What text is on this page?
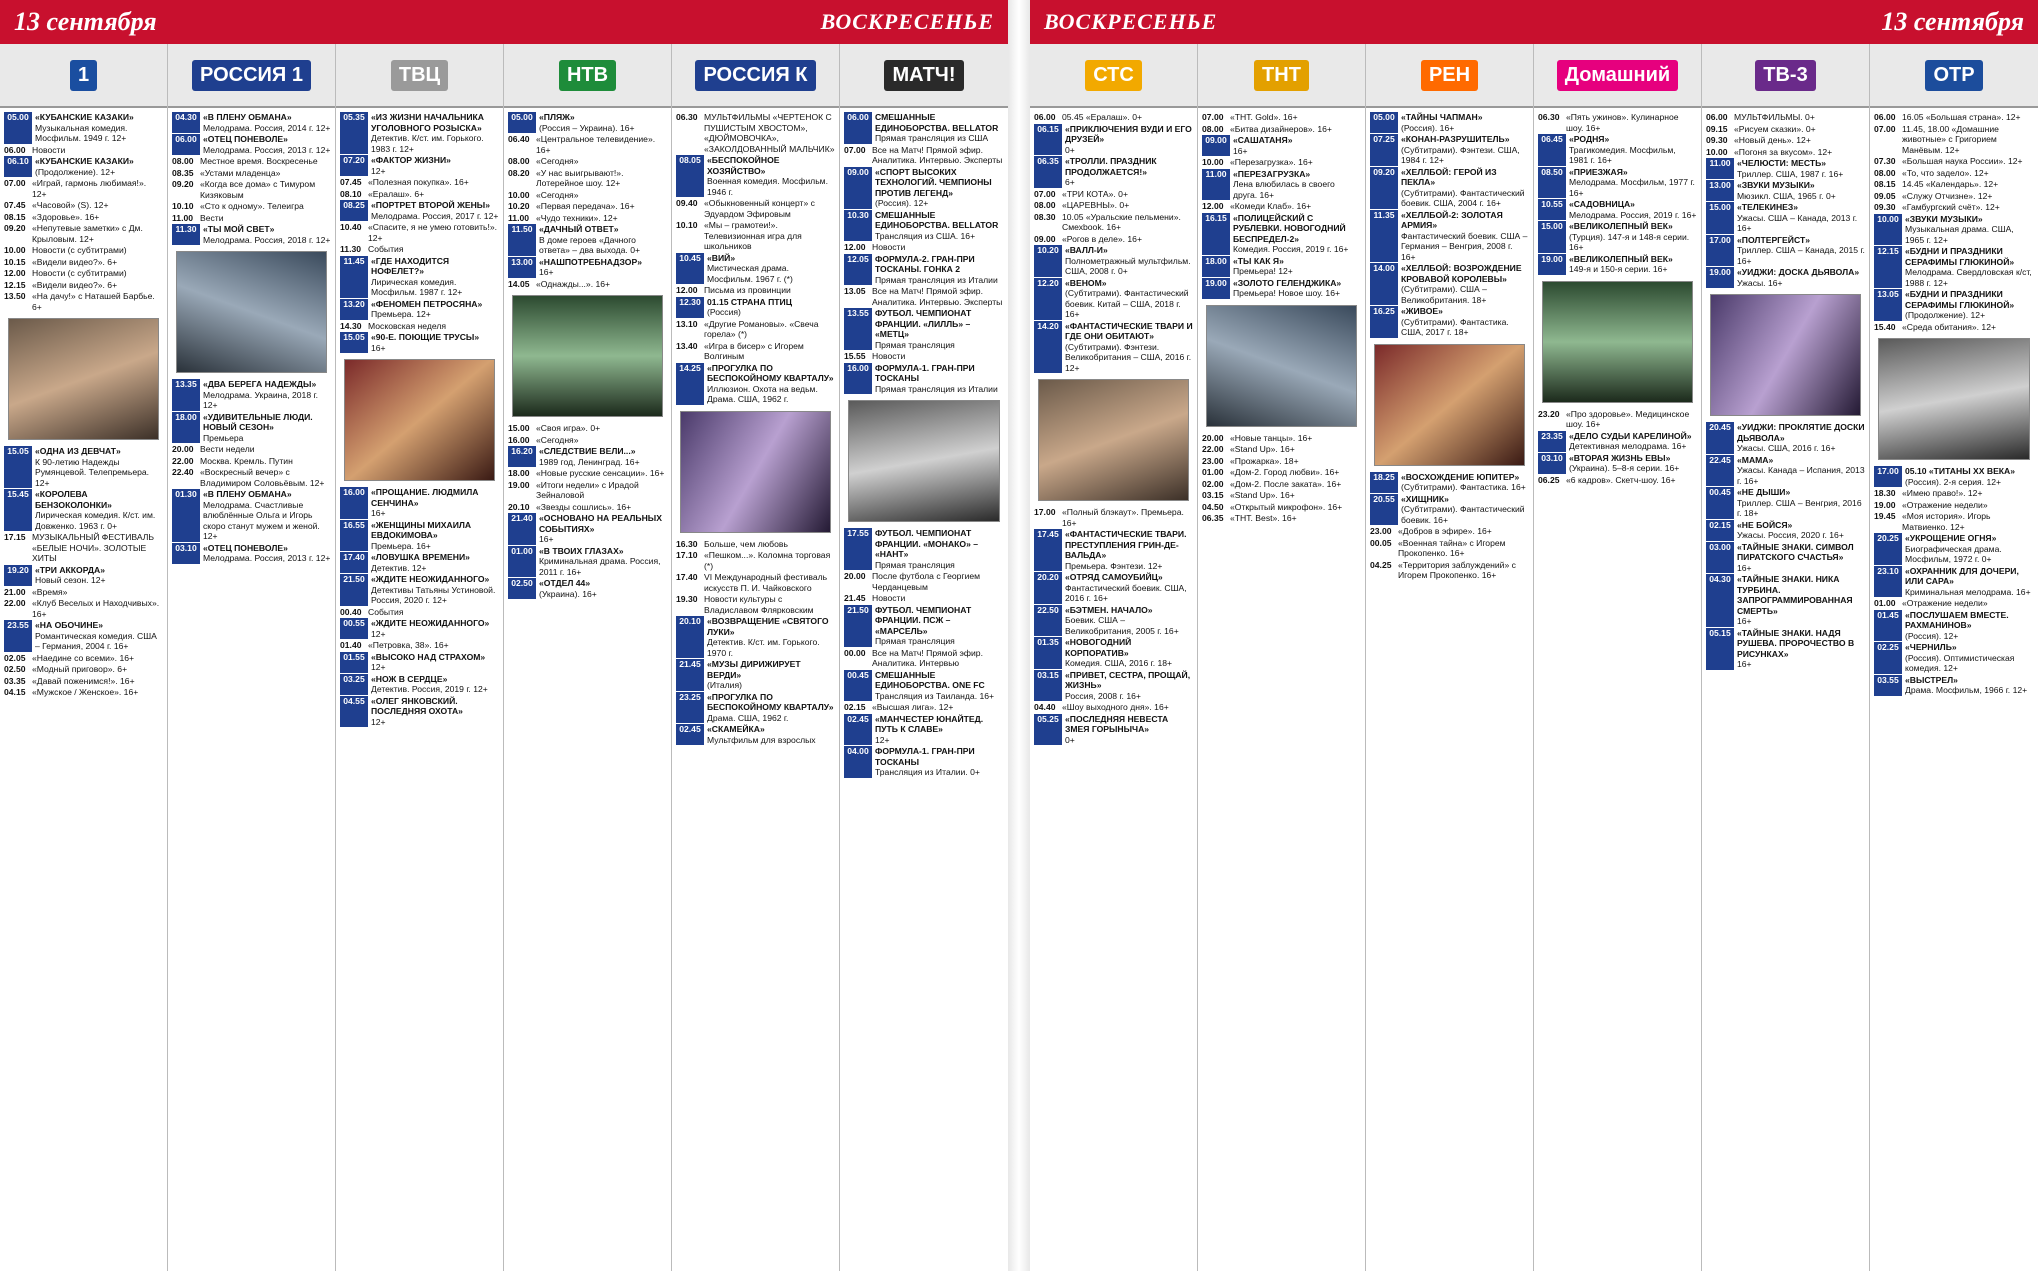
13 сентября	ВОСКРЕСЕНЬЕ
1
05.00 «КУБАНСКИЕ КАЗАКИ»
Музыкальная комедия. Мосфильм. 1949 г. 12+
06.00 Новости
06.10 «КУБАНСКИЕ КАЗАКИ»
(Продолжение). 12+
07.00 «Играй, гармонь любимая!». 12+
07.45 «Часовой» (S). 12+
08.15 «Здоровье». 16+
09.20 «Непутевые заметки» с Дм. Крыловым. 12+
10.00 Новости (с субтитрами)
10.15 «Видели видео?». 6+
12.00 Новости (с субтитрами)
12.15 «Видели видео?». 6+
13.50 «На дачу!» с Наташей Барбье. 6+
15.05 «ОДНА ИЗ ДЕВЧАТ»
К 90-летию Надежды Румянцевой. Телепремьера. 12+
15.45 «КОРОЛЕВА БЕНЗОКОЛОНКИ»
Лирическая комедия. К/ст. им. Довженко. 1963 г. 0+
17.15 МУЗЫКАЛЬНЫЙ ФЕСТИВАЛЬ «БЕЛЫЕ НОЧИ». ЗОЛОТЫЕ ХИТЫ
19.20 «ТРИ АККОРДА»
Новый сезон. 12+
21.00 «Время»
22.00 «Клуб Веселых и Находчивых». 16+
23.55 «НА ОБОЧИНЕ»
Романтическая комедия. США – Германия, 2004 г. 16+
02.05 «Наедине со всеми». 16+
02.50 «Модный приговор». 6+
03.35 «Давай поженимся!». 16+
04.15 «Мужское / Женское». 16+
РОССИЯ 1
04.30 «В ПЛЕНУ ОБМАНА»
Мелодрама. Россия, 2014 г. 12+
06.00 «ОТЕЦ ПОНЕВОЛЕ»
Мелодрама. Россия, 2013 г. 12+
08.00 Местное время. Воскресенье
08.35 «Устами младенца»
09.20 «Когда все дома» с Тимуром Кизяковым
10.10 «Сто к одному». Телеигра
11.00 Вести
11.30 «ТЫ МОЙ СВЕТ»
Мелодрама. Россия, 2018 г. 12+
13.35 «ДВА БЕРЕГА НАДЕЖДЫ»
Мелодрама. Украина, 2018 г. 12+
18.00 «УДИВИТЕЛЬНЫЕ ЛЮДИ. НОВЫЙ СЕЗОН»
Премьера
20.00 Вести недели
22.00 Москва. Кремль. Путин
22.40 «Воскресный вечер» с Владимиром Соловьёвым. 12+
01.30 «В ПЛЕНУ ОБМАНА»
Мелодрама. Счастливые влюблённые Ольга и Игорь скоро станут мужем и женой. 12+
03.10 «ОТЕЦ ПОНЕВОЛЕ»
Мелодрама. Россия, 2013 г. 12+
ТВЦ
05.35 «ИЗ ЖИЗНИ НАЧАЛЬНИКА УГОЛОВНОГО РОЗЫСКА»
Детектив. К/ст. им. Горького. 1983 г. 12+
07.20 «ФАКТОР ЖИЗНИ»
12+
07.45 «Полезная покупка». 16+
08.10 «Ералаш». 6+
08.25 «ПОРТРЕТ ВТОРОЙ ЖЕНЫ»
Мелодрама. Россия, 2017 г. 12+
10.40 «Спасите, я не умею готовить!». 12+
11.30 События
11.45 «ГДЕ НАХОДИТСЯ НОФЕЛЕТ?»
Лирическая комедия. Мосфильм. 1987 г. 12+
13.20 «ФЕНОМЕН ПЕТРОСЯНА»
Премьера. 12+
14.30 Московская неделя
15.05 «90-Е. ПОЮЩИЕ ТРУСЫ»
16+
16.00 «ПРОЩАНИЕ. ЛЮДМИЛА СЕНЧИНА»
16+
16.55 «ЖЕНЩИНЫ МИХАИЛА ЕВДОКИМОВА»
Премьера. 16+
17.40 «ЛОВУШКА ВРЕМЕНИ»
Детектив. 12+
21.50 «ЖДИТЕ НЕОЖИДАННОГО»
Детективы Татьяны Устиновой. Россия, 2020 г. 12+
00.40 События
00.55 «ЖДИТЕ НЕОЖИДАННОГО»
12+
01.40 «Петровка, 38». 16+
01.55 «ВЫСОКО НАД СТРАХОМ»
12+
03.25 «НОЖ В СЕРДЦЕ»
Детектив. Россия, 2019 г. 12+
04.55 «ОЛЕГ ЯНКОВСКИЙ. ПОСЛЕДНЯЯ ОХОТА»
12+
НТВ
05.00 «ПЛЯЖ»
(Россия – Украина). 16+
06.40 «Центральное телевидение». 16+
08.00 «Сегодня»
08.20 «У нас выигрывают!». Лотерейное шоу. 12+
10.00 «Сегодня»
10.20 «Первая передача». 16+
11.00 «Чудо техники». 12+
11.50 «ДАЧНЫЙ ОТВЕТ»
В доме героев «Дачного ответа» – два выхода. 0+
13.00 «НАШПОТРЕБНАДЗОР»
16+
14.05 «Однажды...». 16+
15.00 «Своя игра». 0+
16.00 «Сегодня»
16.20 «СЛЕДСТВИЕ ВЕЛИ...»
1989 год, Ленинград. 16+
18.00 «Новые русские сенсации». 16+
19.00 «Итоги недели» с Ирадой Зейналовой
20.10 «Звезды сошлись». 16+
21.40 «ОСНОВАНО НА РЕАЛЬНЫХ СОБЫТИЯХ»
16+
01.00 «В ТВОИХ ГЛАЗАХ»
Криминальная драма. Россия, 2011 г. 16+
02.50 «ОТДЕЛ 44»
(Украина). 16+
РОССИЯ К
06.30 МУЛЬТФИЛЬМЫ «ЧЕРТЕНОК С ПУШИСТЫМ ХВОСТОМ», «ДЮЙМОВОЧКА», «ЗАКОЛДОВАННЫЙ МАЛЬЧИК»
08.05 «БЕСПОКОЙНОЕ ХОЗЯЙСТВО»
Военная комедия. Мосфильм. 1946 г.
09.40 «Обыкновенный концерт» с Эдуардом Эфировым
10.10 «Мы – грамотеи!». Телевизионная игра для школьников
10.45 «ВИЙ»
Мистическая драма. Мосфильм. 1967 г. (*)
12.00 Письма из провинции
12.30 01.15 СТРАНА ПТИЦ
(Россия)
13.10 «Другие Романовы». «Свеча горела» (*)
13.40 «Игра в бисер» с Игорем Волгиным
14.25 «ПРОГУЛКА ПО БЕСПОКОЙНОМУ КВАРТАЛУ»
Иллюзион. Охота на ведьм. Драма. США, 1962 г.
16.30 Больше, чем любовь
17.10 «Пешком...». Коломна торговая (*)
17.40 VI Международный фестиваль искусств П. И. Чайковского
19.30 Новости культуры с Владиславом Флярковским
20.10 «ВОЗВРАЩЕНИЕ «СВЯТОГО ЛУКИ»
Детектив. К/ст. им. Горького. 1970 г.
21.45 «МУЗЫ ДИРИЖИРУЕТ ВЕРДИ»
(Италия)
23.25 «ПРОГУЛКА ПО БЕСПОКОЙНОМУ КВАРТАЛУ»
Драма. США, 1962 г.
02.45 «СКАМЕЙКА»
Мультфильм для взрослых
МАТЧ!
06.00 СМЕШАННЫЕ ЕДИНОБОРСТВА. BELLATOR
Прямая трансляция из США
07.00 Все на Матч! Прямой эфир. Аналитика. Интервью. Эксперты
09.00 «СПОРТ ВЫСОКИХ ТЕХНОЛОГИЙ. ЧЕМПИОНЫ ПРОТИВ ЛЕГЕНД»
(Россия). 12+
10.30 СМЕШАННЫЕ ЕДИНОБОРСТВА. BELLATOR
Трансляция из США. 16+
12.00 Новости
12.05 ФОРМУЛА-2. ГРАН-ПРИ ТОСКАНЫ. ГОНКА 2
Прямая трансляция из Италии
13.05 Все на Матч! Прямой эфир. Аналитика. Интервью. Эксперты
13.55 ФУТБОЛ. ЧЕМПИОНАТ ФРАНЦИИ. «ЛИЛЛЬ» – «МЕТЦ»
Прямая трансляция
15.55 Новости
16.00 ФОРМУЛА-1. ГРАН-ПРИ ТОСКАНЫ
Прямая трансляция из Италии
17.55 ФУТБОЛ. ЧЕМПИОНАТ ФРАНЦИИ. «МОНАКО» – «НАНТ»
Прямая трансляция
20.00 После футбола с Георгием Черданцевым
21.45 Новости
21.50 ФУТБОЛ. ЧЕМПИОНАТ ФРАНЦИИ. ПСЖ – «МАРСЕЛЬ»
Прямая трансляция
00.00 Все на Матч! Прямой эфир. Аналитика. Интервью
00.45 СМЕШАННЫЕ ЕДИНОБОРСТВА. ONE FC
Трансляция из Таиланда. 16+
02.15 «Высшая лига». 12+
02.45 «МАНЧЕСТЕР ЮНАЙТЕД. ПУТЬ К СЛАВЕ»
12+
04.00 ФОРМУЛА-1. ГРАН-ПРИ ТОСКАНЫ
Трансляция из Италии. 0+
ВОСКРЕСЕНЬЕ	13 сентября
СТС
06.00 05.45 «Ералаш». 0+
06.15 «ПРИКЛЮЧЕНИЯ ВУДИ И ЕГО ДРУЗЕЙ»
0+
06.35 «ТРОЛЛИ. ПРАЗДНИК ПРОДОЛЖАЕТСЯ!»
6+
07.00 «ТРИ КОТА». 0+
08.00 «ЦАРЕВНЫ». 0+
08.30 10.05 «Уральские пельмени». Смехbook. 16+
09.00 «Рогов в деле». 16+
10.20 «ВАЛЛ-И»
Полнометражный мультфильм. США, 2008 г. 0+
12.20 «ВЕНОМ»
(Субтитрами). Фантастический боевик. Китай – США, 2018 г. 16+
14.20 «ФАНТАСТИЧЕСКИЕ ТВАРИ И ГДЕ ОНИ ОБИТАЮТ»
(Субтитрами). Фэнтези. Великобритания – США, 2016 г. 12+
17.00 «Полный блэкаут». Премьера. 16+
17.45 «ФАНТАСТИЧЕСКИЕ ТВАРИ. ПРЕСТУПЛЕНИЯ ГРИН-ДЕ-ВАЛЬДА»
Премьера. Фэнтези. 12+
20.20 «ОТРЯД САМОУБИЙЦ»
Фантастический боевик. США, 2016 г. 16+
22.50 «БЭТМЕН. НАЧАЛО»
Боевик. США – Великобритания, 2005 г. 16+
01.35 «НОВОГОДНИЙ КОРПОРАТИВ»
Комедия. США, 2016 г. 18+
03.15 «ПРИВЕТ, СЕСТРА, ПРОЩАЙ, ЖИЗНЬ»
Россия, 2008 г. 16+
04.40 «Шоу выходного дня». 16+
05.25 «ПОСЛЕДНЯЯ НЕВЕСТА ЗМЕЯ ГОРЫНЫЧА»
0+
ТНТ
07.00 «ТНТ. Gold». 16+
08.00 «Битва дизайнеров». 16+
09.00 «САШАТАНЯ»
16+
10.00 «Перезагрузка». 16+
11.00 «ПЕРЕЗАГРУЗКА»
Лена влюбилась в своего друга. 16+
12.00 «Комеди Клаб». 16+
16.15 «ПОЛИЦЕЙСКИЙ С РУБЛЕВКИ. НОВОГОДНИЙ БЕСПРЕДЕЛ-2»
Комедия. Россия, 2019 г. 16+
18.00 «ТЫ КАК Я»
Премьера! 12+
19.00 «ЗОЛОТО ГЕЛЕНДЖИКА»
Премьера! Новое шоу. 16+
20.00 «Новые танцы». 16+
22.00 «Stand Up». 16+
23.00 «Прожарка». 18+
01.00 «Дом-2. Город любви». 16+
02.00 «Дом-2. После заката». 16+
03.15 «Stand Up». 16+
04.50 «Открытый микрофон». 16+
06.35 «ТНТ. Best». 16+
РЕН
05.00 «ТАЙНЫ ЧАПМАН»
(Россия). 16+
07.25 «КОНАН-РАЗРУШИТЕЛЬ»
(Субтитрами). Фэнтези. США, 1984 г. 12+
09.20 «ХЕЛЛБОЙ: ГЕРОЙ ИЗ ПЕКЛА»
(Субтитрами). Фантастический боевик. США, 2004 г. 16+
11.35 «ХЕЛЛБОЙ-2: ЗОЛОТАЯ АРМИЯ»
Фантастический боевик. США – Германия – Венгрия, 2008 г. 16+
14.00 «ХЕЛЛБОЙ: ВОЗРОЖДЕНИЕ КРОВАВОЙ КОРОЛЕВЫ»
(Субтитрами). США – Великобритания. 18+
16.25 «ЖИВОЕ»
(Субтитрами). Фантастика. США, 2017 г. 18+
18.25 «ВОСХОЖДЕНИЕ ЮПИТЕР»
(Субтитрами). Фантастика. 16+
20.55 «ХИЩНИК»
(Субтитрами). Фантастический боевик. 16+
23.00 «Добров в эфире». 16+
00.05 «Военная тайна» с Игорем Прокопенко. 16+
04.25 «Территория заблуждений» с Игорем Прокопенко. 16+
Домашний
06.30 «Пять ужинов». Кулинарное шоу. 16+
06.45 «РОДНЯ»
Трагикомедия. Мосфильм, 1981 г. 16+
08.50 «ПРИЕЗЖАЯ»
Мелодрама. Мосфильм, 1977 г. 16+
10.55 «САДОВНИЦА»
Мелодрама. Россия, 2019 г. 16+
15.00 «ВЕЛИКОЛЕПНЫЙ ВЕК»
(Турция). 147-я и 148-я серии. 16+
19.00 «ВЕЛИКОЛЕПНЫЙ ВЕК»
149-я и 150-я серии. 16+
23.20 «Про здоровье». Медицинское шоу. 16+
23.35 «ДЕЛО СУДЬИ КАРЕЛИНОЙ»
Детективная мелодрама. 16+
03.10 «ВТОРАЯ ЖИЗНЬ ЕВЫ»
(Украина). 5–8-я серии. 16+
06.25 «6 кадров». Скетч-шоу. 16+
ТВ-3
06.00 МУЛЬТФИЛЬМЫ. 0+
09.15 «Рисуем сказки». 0+
09.30 «Новый день». 12+
10.00 «Погоня за вкусом». 12+
11.00 «ЧЕЛЮСТИ: МЕСТЬ»
Триллер. США, 1987 г. 16+
13.00 «ЗВУКИ МУЗЫКИ»
Мюзикл. США, 1965 г. 0+
15.00 «ТЕЛЕКИНЕЗ»
Ужасы. США – Канада, 2013 г. 16+
17.00 «ПОЛТЕРГЕЙСТ»
Триллер. США – Канада, 2015 г. 16+
19.00 «УИДЖИ: ДОСКА ДЬЯВОЛА»
Ужасы. 16+
20.45 «УИДЖИ: ПРОКЛЯТИЕ ДОСКИ ДЬЯВОЛА»
Ужасы. США, 2016 г. 16+
22.45 «МАМА»
Ужасы. Канада – Испания, 2013 г. 16+
00.45 «НЕ ДЫШИ»
Триллер. США – Венгрия, 2016 г. 18+
02.15 «НЕ БОЙСЯ»
Ужасы. Россия, 2020 г. 16+
03.00 «ТАЙНЫЕ ЗНАКИ. СИМВОЛ ПИРАТСКОГО СЧАСТЬЯ»
16+
04.30 «ТАЙНЫЕ ЗНАКИ. НИКА ТУРБИНА. ЗАПРОГРАММИРОВАННАЯ СМЕРТЬ»
16+
05.15 «ТАЙНЫЕ ЗНАКИ. НАДЯ РУШЕВА. ПРОРОЧЕСТВО В РИСУНКАХ»
16+
ОТР
06.00 16.05 «Большая страна». 12+
07.00 11.45, 18.00 «Домашние животные» с Григорием Манёвым. 12+
07.30 «Большая наука России». 12+
08.00 «То, что задело». 12+
08.15 14.45 «Календарь». 12+
09.05 «Служу Отчизне». 12+
09.30 «Гамбургский счёт». 12+
10.00 «ЗВУКИ МУЗЫКИ»
Музыкальная драма. США, 1965 г. 12+
12.15 «БУДНИ И ПРАЗДНИКИ СЕРАФИМЫ ГЛЮКИНОЙ»
Мелодрама. Свердловская к/ст, 1988 г. 12+
13.05 «БУДНИ И ПРАЗДНИКИ СЕРАФИМЫ ГЛЮКИНОЙ»
(Продолжение). 12+
15.40 «Среда обитания». 12+
17.00 05.10 «ТИТАНЫ XX ВЕКА»
(Россия). 2-я серия. 12+
18.30 «Имею право!». 12+
19.00 «Отражение недели»
19.45 «Моя история». Игорь Матвиенко. 12+
20.25 «УКРОЩЕНИЕ ОГНЯ»
Биографическая драма. Мосфильм, 1972 г. 0+
23.10 «ОХРАННИК ДЛЯ ДОЧЕРИ, ИЛИ САРА»
Криминальная мелодрама. 16+
01.00 «Отражение недели»
01.45 «ПОСЛУШАЕМ ВМЕСТЕ. РАХМАНИНОВ»
(Россия). 12+
02.25 «ЧЕРНИЛЬ»
(Россия). Оптимистическая комедия. 12+
03.55 «ВЫСТРЕЛ»
Драма. Мосфильм, 1966 г. 12+
